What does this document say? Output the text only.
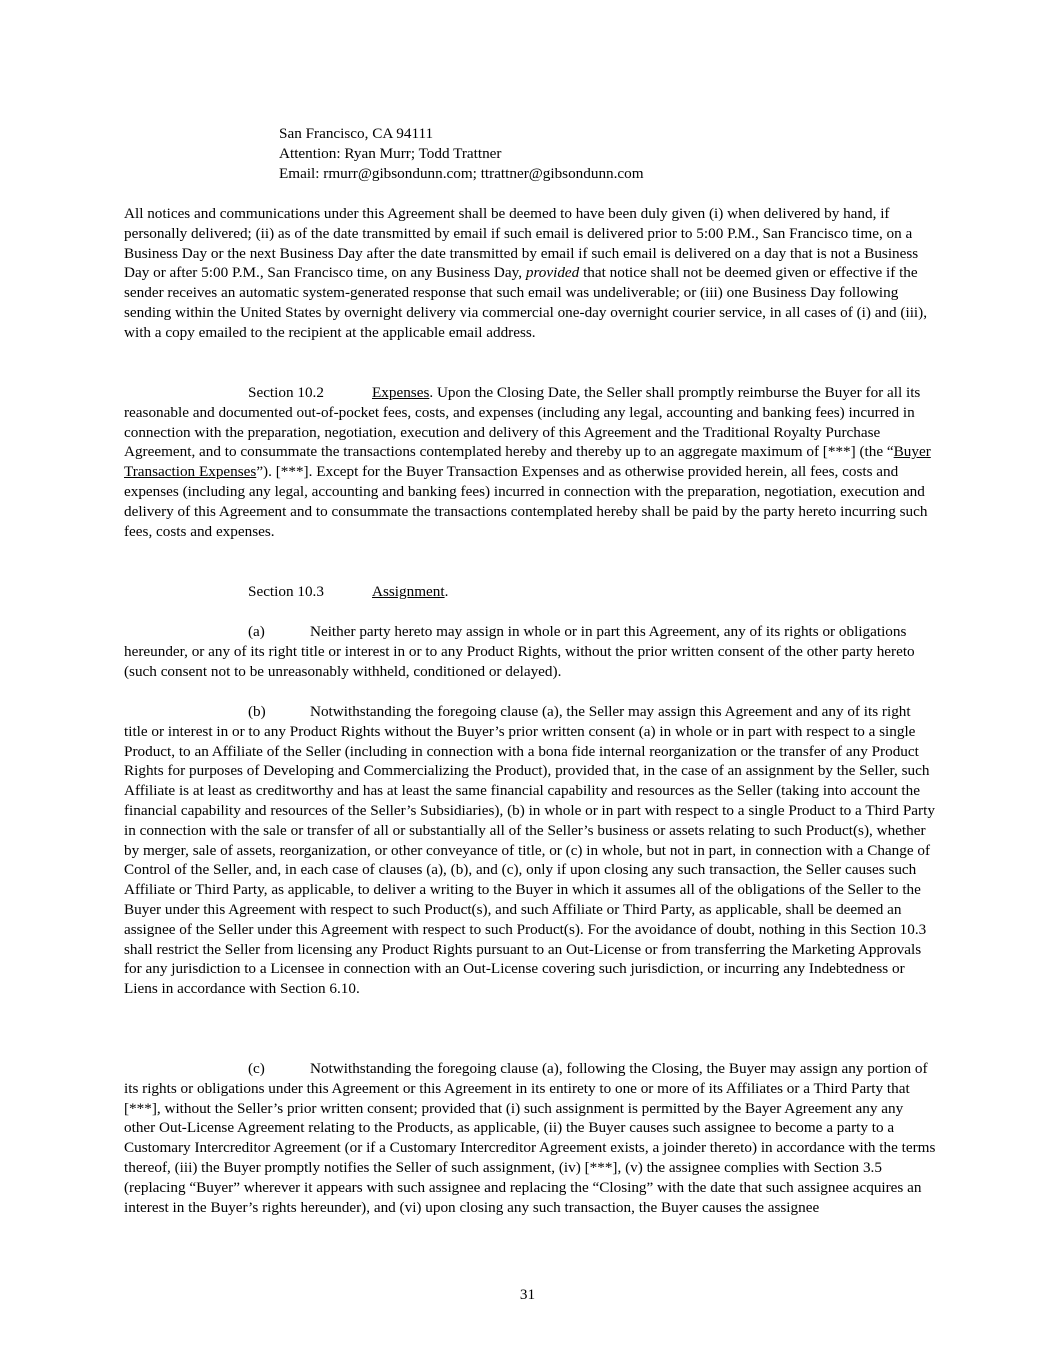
San Francisco, CA 94111
Attention: Ryan Murr; Todd Trattner
Email: rmurr@gibsondunn.com; ttrattner@gibsondunn.com

All notices and communications under this Agreement shall be deemed to have been duly given (i) when delivered by hand, if personally delivered; (ii) as of the date transmitted by email if such email is delivered prior to 5:00 P.M., San Francisco time, on a Business Day or the next Business Day after the date transmitted by email if such email is delivered on a day that is not a Business Day or after 5:00 P.M., San Francisco time, on any Business Day, provided that notice shall not be deemed given or effective if the sender receives an automatic system-generated response that such email was undeliverable; or (iii) one Business Day following sending within the United States by overnight delivery via commercial one-day overnight courier service, in all cases of (i) and (iii), with a copy emailed to the recipient at the applicable email address.

Section 10.2	Expenses. Upon the Closing Date, the Seller shall promptly reimburse the Buyer for all its reasonable and documented out-of-pocket fees, costs, and expenses (including any legal, accounting and banking fees) incurred in connection with the preparation, negotiation, execution and delivery of this Agreement and the Traditional Royalty Purchase Agreement, and to consummate the transactions contemplated hereby and thereby up to an aggregate maximum of [***] (the “Buyer Transaction Expenses”). [***]. Except for the Buyer Transaction Expenses and as otherwise provided herein, all fees, costs and expenses (including any legal, accounting and banking fees) incurred in connection with the preparation, negotiation, execution and delivery of this Agreement and to consummate the transactions contemplated hereby shall be paid by the party hereto incurring such fees, costs and expenses.

Section 10.3	Assignment.

(a)	Neither party hereto may assign in whole or in part this Agreement, any of its rights or obligations hereunder, or any of its right title or interest in or to any Product Rights, without the prior written consent of the other party hereto (such consent not to be unreasonably withheld, conditioned or delayed).

(b)	Notwithstanding the foregoing clause (a), the Seller may assign this Agreement and any of its right title or interest in or to any Product Rights without the Buyer’s prior written consent (a) in whole or in part with respect to a single Product, to an Affiliate of the Seller (including in connection with a bona fide internal reorganization or the transfer of any Product Rights for purposes of Developing and Commercializing the Product), provided that, in the case of an assignment by the Seller, such Affiliate is at least as creditworthy and has at least the same financial capability and resources as the Seller (taking into account the financial capability and resources of the Seller’s Subsidiaries), (b) in whole or in part with respect to a single Product to a Third Party in connection with the sale or transfer of all or substantially all of the Seller’s business or assets relating to such Product(s), whether by merger, sale of assets, reorganization, or other conveyance of title, or (c) in whole, but not in part, in connection with a Change of Control of the Seller, and, in each case of clauses (a), (b), and (c), only if upon closing any such transaction, the Seller causes such Affiliate or Third Party, as applicable, to deliver a writing to the Buyer in which it assumes all of the obligations of the Seller to the Buyer under this Agreement with respect to such Product(s), and such Affiliate or Third Party, as applicable, shall be deemed an assignee of the Seller under this Agreement with respect to such Product(s). For the avoidance of doubt, nothing in this Section 10.3 shall restrict the Seller from licensing any Product Rights pursuant to an Out-License or from transferring the Marketing Approvals for any jurisdiction to a Licensee in connection with an Out-License covering such jurisdiction, or incurring any Indebtedness or Liens in accordance with Section 6.10.

(c)	Notwithstanding the foregoing clause (a), following the Closing, the Buyer may assign any portion of its rights or obligations under this Agreement or this Agreement in its entirety to one or more of its Affiliates or a Third Party that [***], without the Seller’s prior written consent; provided that (i) such assignment is permitted by the Bayer Agreement any any other Out-License Agreement relating to the Products, as applicable, (ii) the Buyer causes such assignee to become a party to a Customary Intercreditor Agreement (or if a Customary Intercreditor Agreement exists, a joinder thereto) in accordance with the terms thereof, (iii) the Buyer promptly notifies the Seller of such assignment, (iv) [***], (v) the assignee complies with Section 3.5 (replacing “Buyer” wherever it appears with such assignee and replacing the “Closing” with the date that such assignee acquires an interest in the Buyer’s rights hereunder), and (vi) upon closing any such transaction, the Buyer causes the assignee

31
